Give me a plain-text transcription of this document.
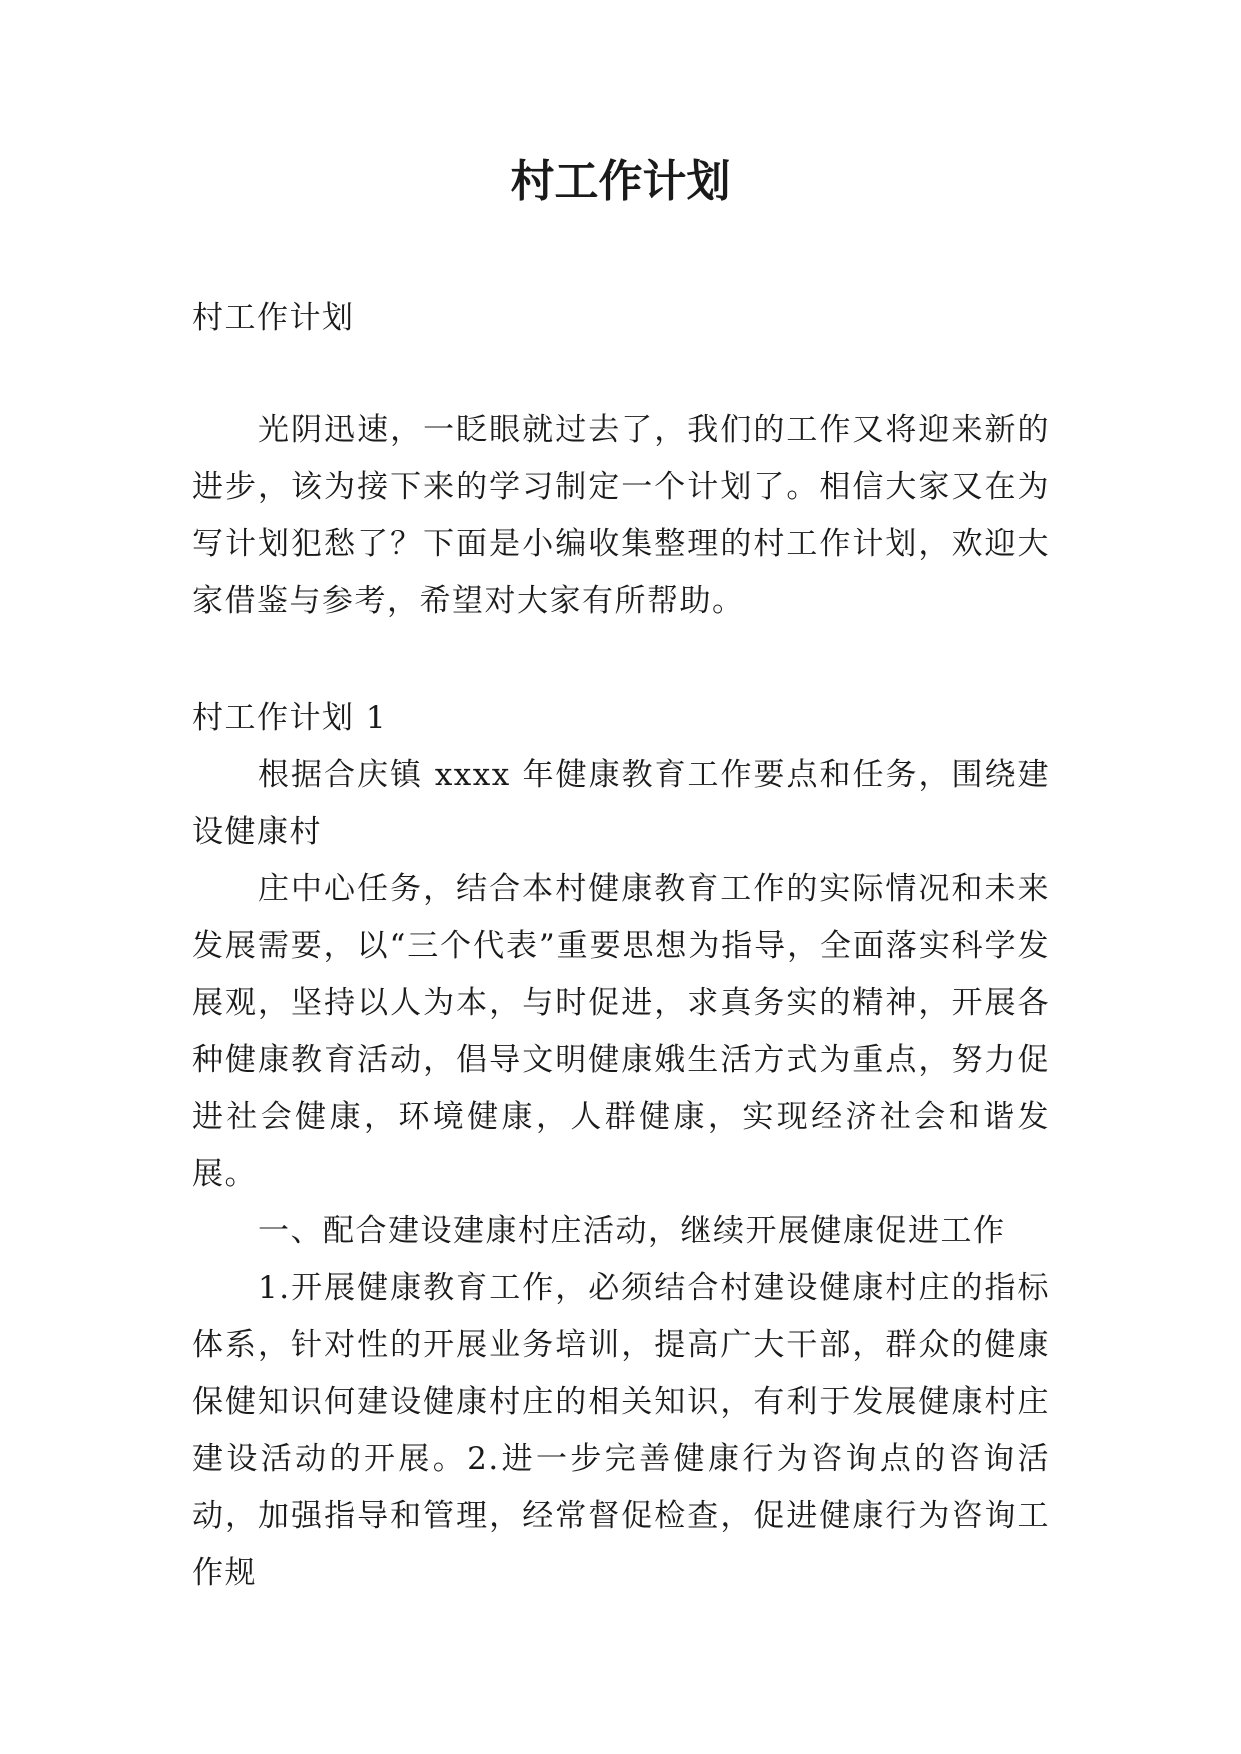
村工作计划

村工作计划

光阴迅速，一眨眼就过去了，我们的工作又将迎来新的进步，该为接下来的学习制定一个计划了。相信大家又在为写计划犯愁了？下面是小编收集整理的村工作计划，欢迎大家借鉴与参考，希望对大家有所帮助。

村工作计划 1

根据合庆镇 xxxx 年健康教育工作要点和任务，围绕建设健康村

庄中心任务，结合本村健康教育工作的实际情况和未来发展需要，以“三个代表”重要思想为指导，全面落实科学发展观，坚持以人为本，与时促进，求真务实的精神，开展各种健康教育活动，倡导文明健康娥生活方式为重点，努力促进社会健康，环境健康，人群健康，实现经济社会和谐发展。

一、配合建设建康村庄活动，继续开展健康促进工作

1.开展健康教育工作，必须结合村建设健康村庄的指标体系，针对性的开展业务培训，提高广大干部，群众的健康保健知识何建设健康村庄的相关知识，有利于发展健康村庄建设活动的开展。2.进一步完善健康行为咨询点的咨询活动，加强指导和管理，经常督促检查，促进健康行为咨询工作规
